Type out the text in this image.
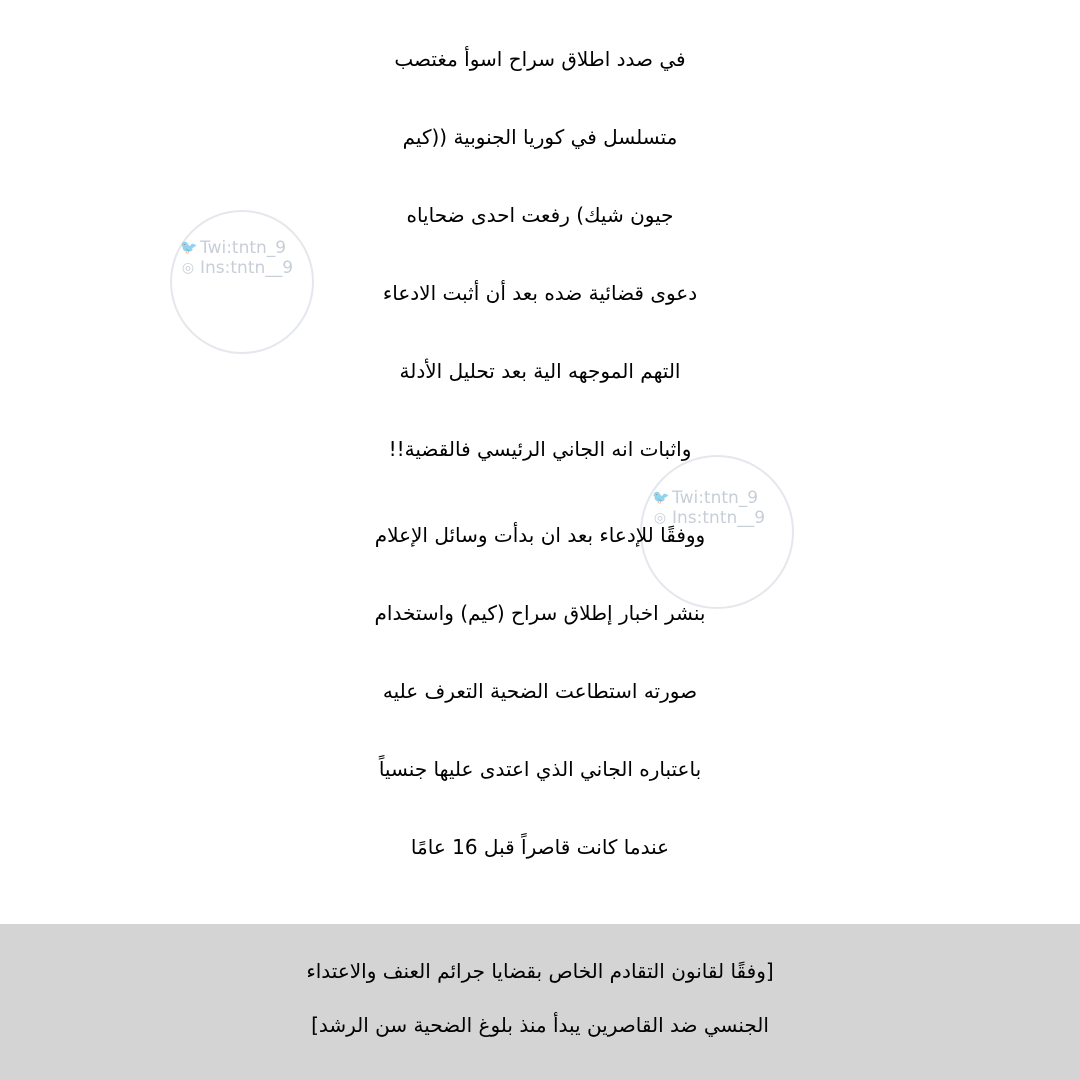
🐦 Twi:tntn_9
◎ Ins:tntn__9
🐦 Twi:tntn_9
◎ Ins:tntn__9
في صدد اطلاق سراح اسوأ مغتصب
متسلسل في كوريا الجنوبية ((كيم
جيون شيك) رفعت احدى ضحاياه
دعوى قضائية ضده بعد أن أثبت الادعاء
التهم الموجهه الية بعد تحليل الأدلة
واثبات انه الجاني الرئيسي فالقضية!!
ووفقًا للإدعاء بعد ان بدأت وسائل الإعلام
بنشر اخبار إطلاق سراح (كيم) واستخدام
صورته استطاعت الضحية التعرف عليه
باعتباره الجاني الذي اعتدى عليها جنسياً
عندما كانت قاصراً قبل 16 عامًا
[وفقًا لقانون التقادم الخاص بقضايا جرائم العنف والاعتداء
الجنسي ضد القاصرين يبدأ منذ بلوغ الضحية سن الرشد]
